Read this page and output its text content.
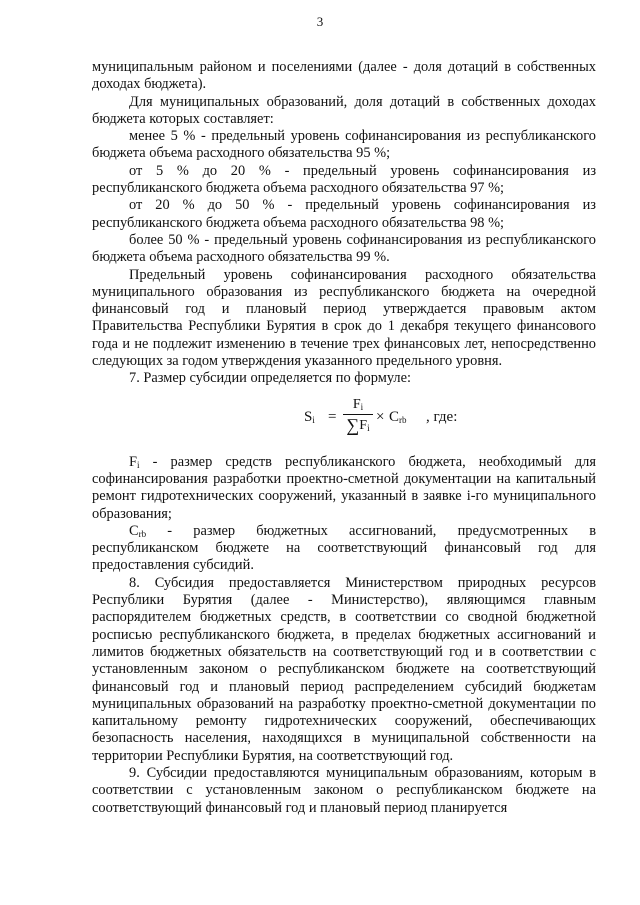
3

муниципальным районом и поселениями (далее - доля дотаций в собственных доходах бюджета).

Для муниципальных образований, доля дотаций в собственных доходах бюджета которых составляет:

менее 5 % - предельный уровень софинансирования из республиканского бюджета объема расходного обязательства 95 %;

от 5 % до 20 % - предельный уровень софинансирования из республиканского бюджета объема расходного обязательства 97 %;

от 20 % до 50 % - предельный уровень софинансирования из республиканского бюджета объема расходного обязательства 98 %;

более 50 % - предельный уровень софинансирования из республиканского бюджета объема расходного обязательства 99 %.

Предельный уровень софинансирования расходного обязательства муниципального образования из республиканского бюджета на очередной финансовый год и плановый период утверждается правовым актом Правительства Республики Бурятия в срок до 1 декабря текущего финансового года и не подлежит изменению в течение трех финансовых лет, непосредственно следующих за годом утверждения указанного предельного уровня.

7. Размер субсидии определяется по формуле:

$S_i$ =
$F_i$
$\sum F_i$
× $C_{rb}$ , где:

$F_i$ - размер средств республиканского бюджета, необходимый для софинансирования разработки проектно-сметной документации на капитальный ремонт гидротехнических сооружений, указанный в заявке i-го муниципального образования;

$C_{rb}$ - размер бюджетных ассигнований, предусмотренных в республиканском бюджете на соответствующий финансовый год для предоставления субсидий.

8. Субсидия предоставляется Министерством природных ресурсов Республики Бурятия (далее - Министерство), являющимся главным распорядителем бюджетных средств, в соответствии со сводной бюджетной росписью республиканского бюджета, в пределах бюджетных ассигнований и лимитов бюджетных обязательств на соответствующий год и в соответствии с установленным законом о республиканском бюджете на соответствующий финансовый год и плановый период распределением субсидий бюджетам муниципальных образований на разработку проектно-сметной документации по капитальному ремонту гидротехнических сооружений, обеспечивающих безопасность населения, находящихся в муниципальной собственности на территории Республики Бурятия, на соответствующий год.

9. Субсидии предоставляются муниципальным образованиям, которым в соответствии с установленным законом о республиканском бюджете на соответствующий финансовый год и плановый период планируется
